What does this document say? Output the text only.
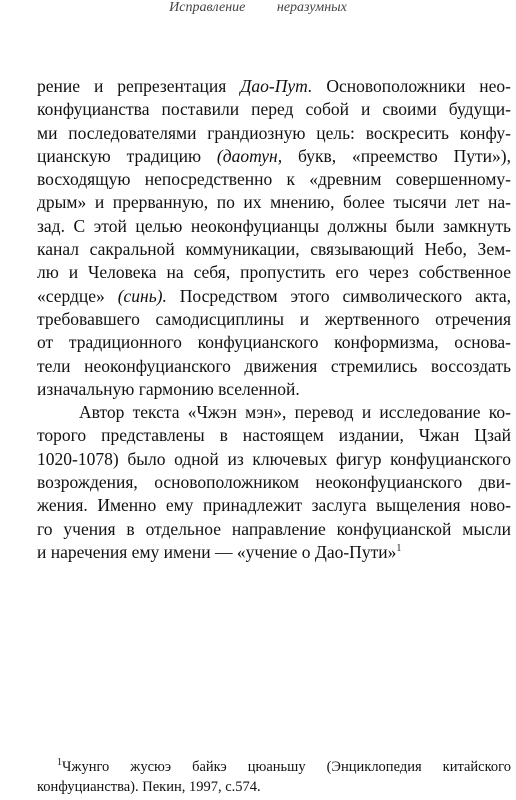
Исправление неразумных
рение и репрезентация Дао-Пут. Основоположники нео-
конфуцианства поставили перед собой и своими будущи-
ми последователями грандиозную цель: воскресить конфу-
цианскую традицию (даотун, букв, «преемство Пути»),
восходящую непосредственно к «древним совершенному-
дрым» и прерванную, по их мнению, более тысячи лет на-
зад. С этой целью неоконфуцианцы должны были замкнуть
канал сакральной коммуникации, связывающий Небо, Зем-
лю и Человека на себя, пропустить его через собственное
«сердце» (синь). Посредством этого символического акта,
требовавшего самодисциплины и жертвенного отречения
от традиционного конфуцианского конформизма, основа-
тели неоконфуцианского движения стремились воссоздать
изначальную гармонию вселенной.
Автор текста «Чжэн мэн», перевод и исследование ко-
торого представлены в настоящем издании, Чжан Цзай
1020-1078) было одной из ключевых фигур конфуцианского
возрождения, основоположником неоконфуцианского дви-
жения. Именно ему принадлежит заслуга выщеления ново-
го учения в отдельное направление конфуцианской мысли
и наречения ему имени — «учение о Дао-Пути»$^1$
$^1$Чжунго жусюэ байкэ цюаньшу (Энциклопедия китайского
конфуцианства). Пекин, 1997, с.574.
